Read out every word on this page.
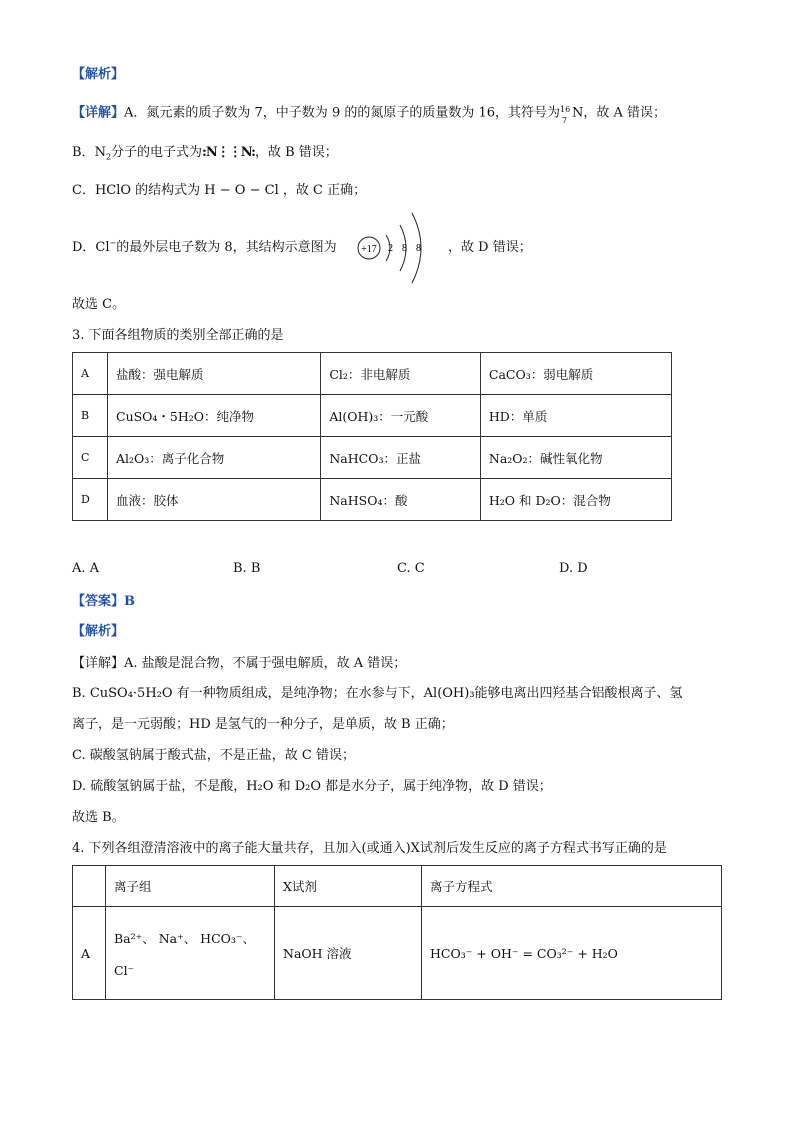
【解析】
【详解】A．氮元素的质子数为 7，中子数为 9 的的氮原子的质量数为 16，其符号为 16
7 N，故 A 错误；
B．$N_2$分子的电子式为:N⋮⋮N:，故 B 错误；
C．HClO 的结构式为 H − O − Cl ，故 C 正确；
D．Cl−的最外层电子数为 8，其结构示意图为 +17 2 8 8 ，故 D 错误；
故选 C。
3. 下面各组物质的类别全部正确的是
A	盐酸：强电解质	Cl₂：非电解质	CaCO₃：弱电解质
B	CuSO₄・5H₂O：纯净物	Al(OH)₃：一元酸	HD：单质
C	Al₂O₃：离子化合物	NaHCO₃：正盐	Na₂O₂：碱性氧化物
D	血液：胶体	NaHSO₄：酸	H₂O 和 D₂O：混合物
A. A	B. B	C. C	D. D
【答案】B
【解析】
【详解】A. 盐酸是混合物，不属于强电解质，故 A 错误；
B. CuSO₄·5H₂O 有一种物质组成，是纯净物；在水参与下，Al(OH)₃能够电离出四羟基合铝酸根离子、氢
离子，是一元弱酸；HD 是氢气的一种分子，是单质，故 B 正确；
C. 碳酸氢钠属于酸式盐，不是正盐，故 C 错误；
D. 硫酸氢钠属于盐，不是酸，H₂O 和 D₂O 都是水分子，属于纯净物，故 D 错误；
故选 B。
4. 下列各组澄清溶液中的离子能大量共存，且加入(或通入)X试剂后发生反应的离子方程式书写正确的是
	离子组	X试剂	离子方程式
A	Ba²⁺、 Na⁺、 HCO₃⁻、
Cl⁻	NaOH 溶液	HCO₃⁻ + OH⁻ = CO₃²⁻ + H₂O
